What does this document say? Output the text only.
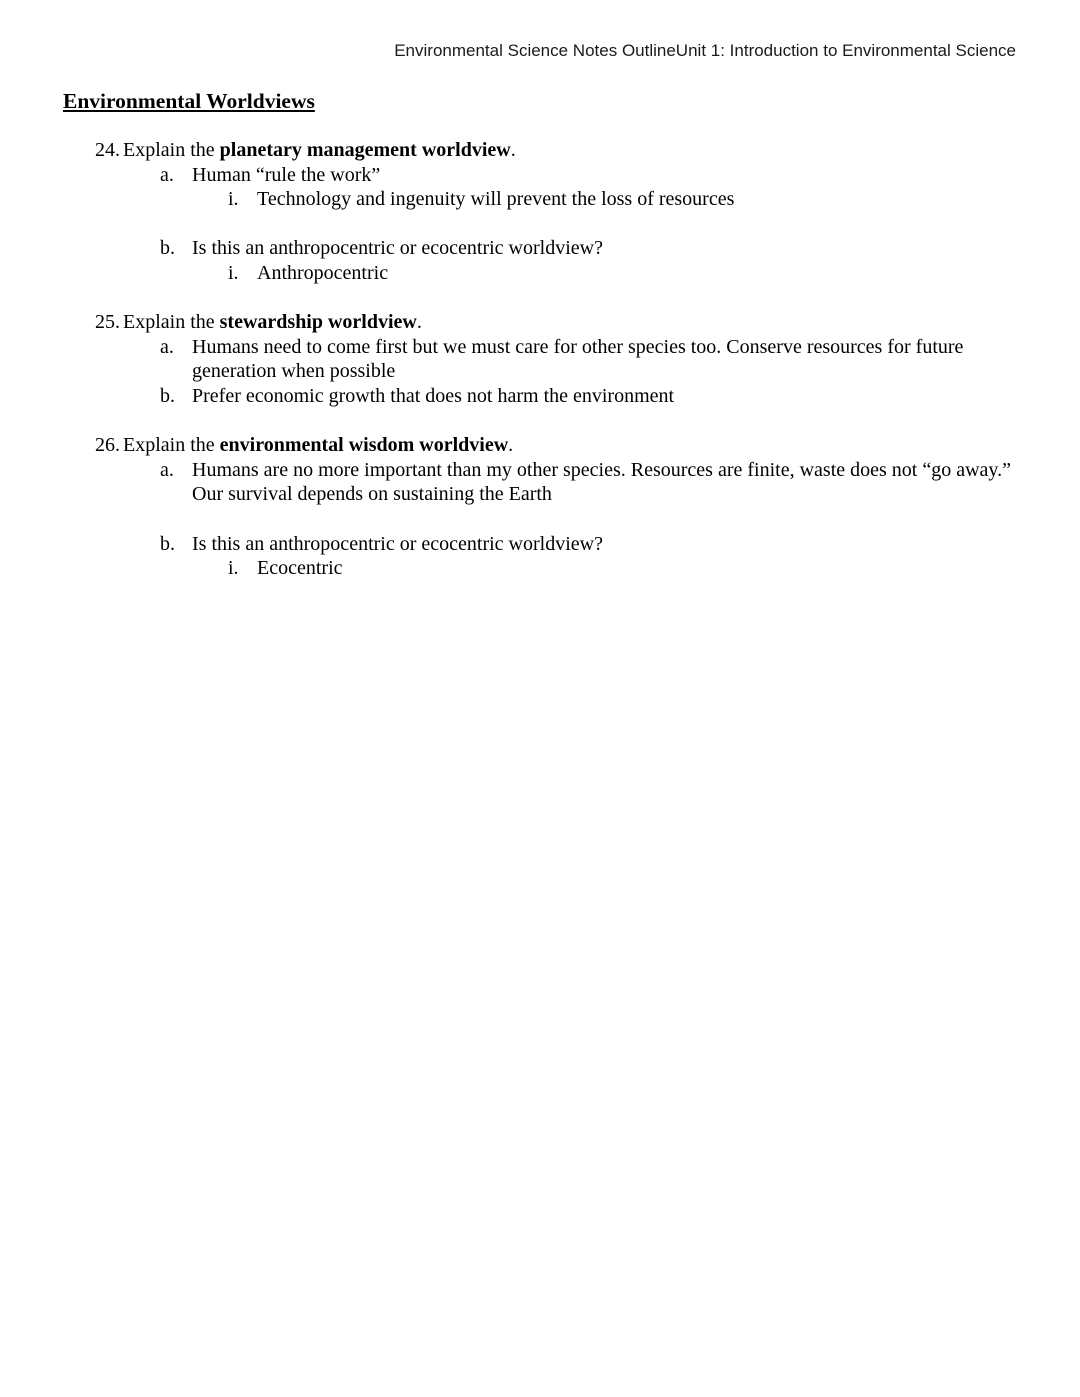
Environmental Science Notes OutlineUnit 1: Introduction to Environmental Science
Environmental Worldviews
24. Explain the planetary management worldview.
a. Human “rule the work”
i. Technology and ingenuity will prevent the loss of resources
b. Is this an anthropocentric or ecocentric worldview?
i. Anthropocentric
25. Explain the stewardship worldview.
a. Humans need to come first but we must care for other species too. Conserve resources for future generation when possible
b. Prefer economic growth that does not harm the environment
26. Explain the environmental wisdom worldview.
a. Humans are no more important than my other species. Resources are finite, waste does not “go away.” Our survival depends on sustaining the Earth
b. Is this an anthropocentric or ecocentric worldview?
i. Ecocentric
